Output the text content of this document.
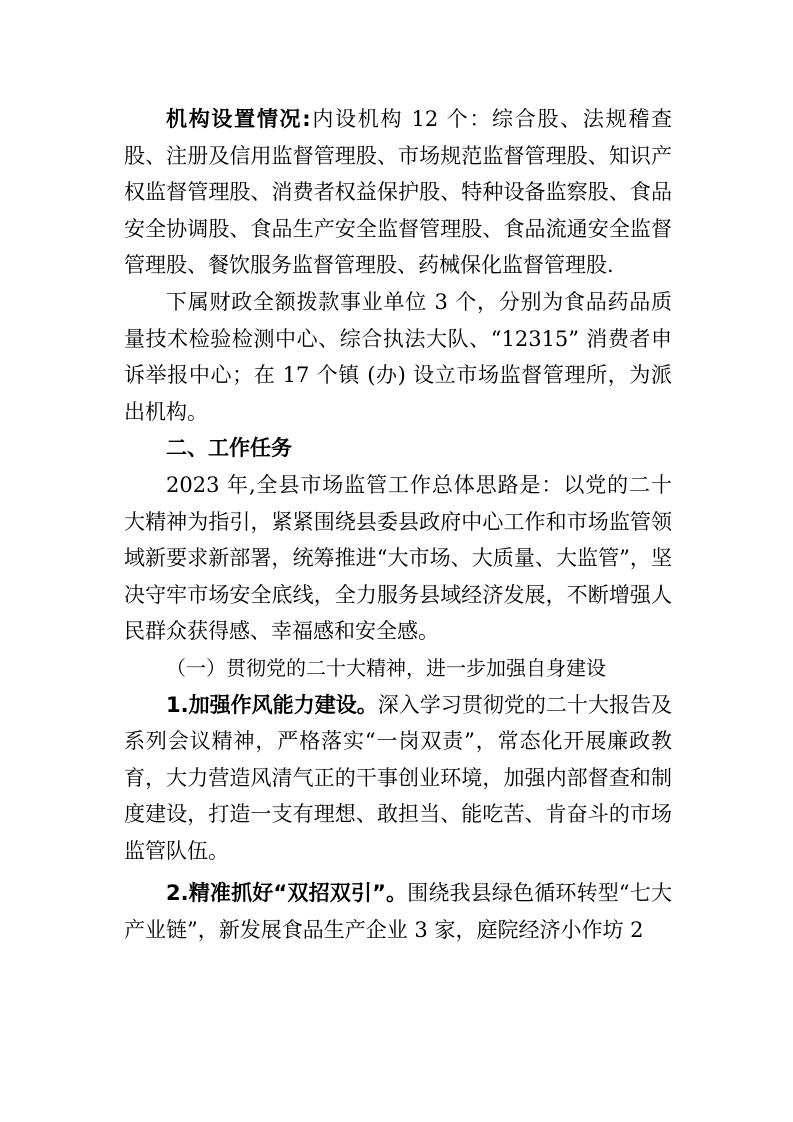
机构设置情况:内设机构 12 个：综合股、法规稽查股、注册及信用监督管理股、市场规范监督管理股、知识产权监督管理股、消费者权益保护股、特种设备监察股、食品安全协调股、食品生产安全监督管理股、食品流通安全监督管理股、餐饮服务监督管理股、药械保化监督管理股.

下属财政全额拨款事业单位 3 个，分别为食品药品质量技术检验检测中心、综合执法大队、“12315” 消费者申诉举报中心；在 17 个镇 (办) 设立市场监督管理所，为派出机构。

二、工作任务

2023 年,全县市场监管工作总体思路是：以党的二十大精神为指引，紧紧围绕县委县政府中心工作和市场监管领域新要求新部署，统筹推进“大市场、大质量、大监管”，坚决守牢市场安全底线，全力服务县域经济发展，不断增强人民群众获得感、幸福感和安全感。

（一）贯彻党的二十大精神，进一步加强自身建设

1.加强作风能力建设。深入学习贯彻党的二十大报告及系列会议精神，严格落实“一岗双责”，常态化开展廉政教育，大力营造风清气正的干事创业环境，加强内部督查和制度建设，打造一支有理想、敢担当、能吃苦、肯奋斗的市场监管队伍。

2.精准抓好“双招双引”。围绕我县绿色循环转型“七大产业链”，新发展食品生产企业 3 家，庭院经济小作坊 2
